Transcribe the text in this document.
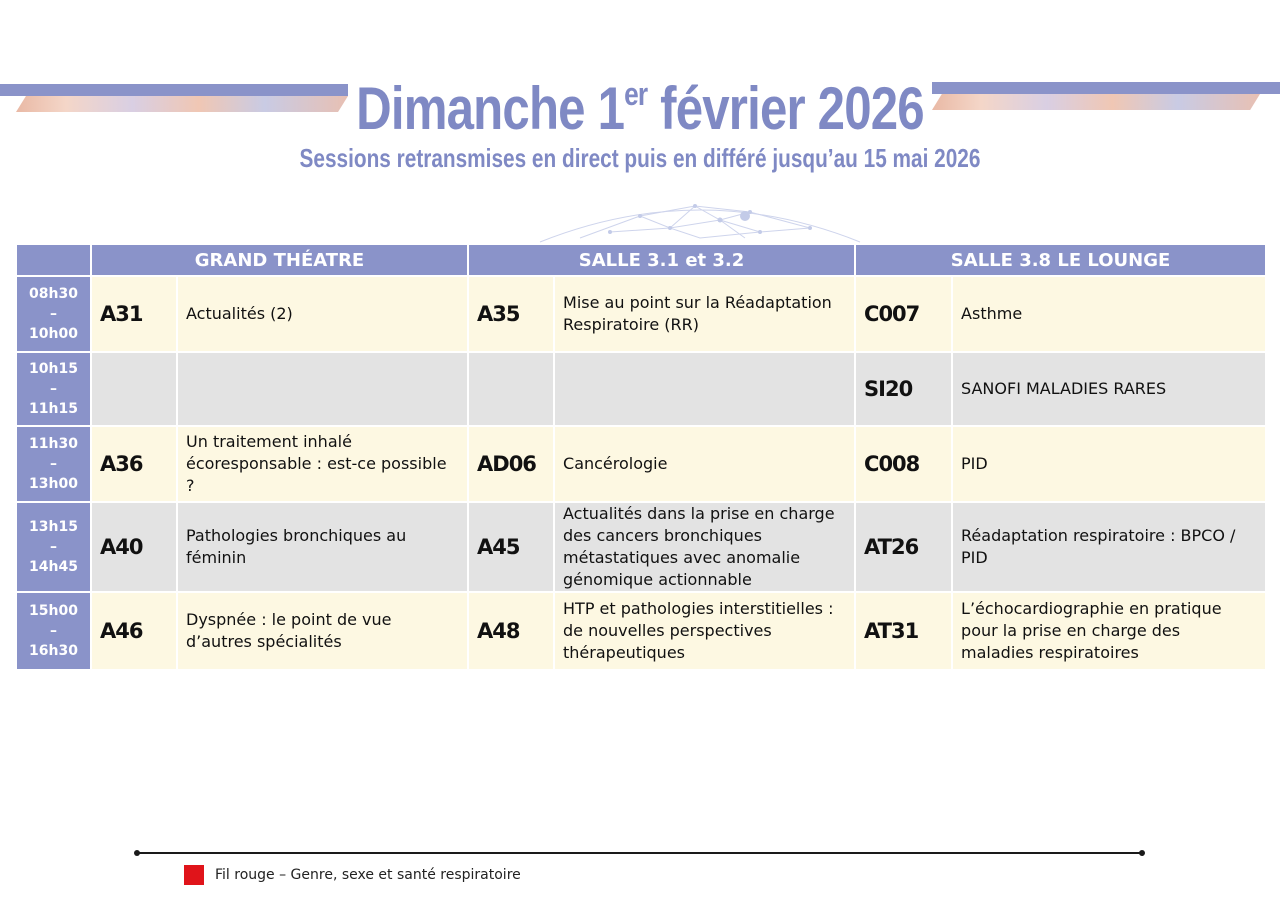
Dimanche 1er février 2026
Sessions retransmises en direct puis en différé jusqu’au 15 mai 2026
	GRAND THÉATRE		SALLE 3.1 et 3.2		SALLE 3.8 LE LOUNGE	

08h30
–
10h00	A31	Actualités (2)	A35	Mise au point sur la Réadaptation Respiratoire (RR)	C007	Asthme

10h15
–
11h15					SI20	SANOFI MALADIES RARES

11h30
–
13h00	A36	Un traitement inhalé écoresponsable : est-ce possible ?	AD06	Cancérologie	C008	PID

13h15
–
14h45	A40	Pathologies bronchiques au féminin	A45	Actualités dans la prise en charge des cancers bronchiques métastatiques avec anomalie génomique actionnable	AT26	Réadaptation respiratoire : BPCO / PID

15h00
–
16h30	A46	Dyspnée : le point de vue d’autres spécialités	A48	HTP et pathologies interstitielles : de nouvelles perspectives thérapeutiques	AT31	L’échocardiographie en pratique pour la prise en charge des maladies respiratoires
Fil rouge – Genre, sexe et santé respiratoire
